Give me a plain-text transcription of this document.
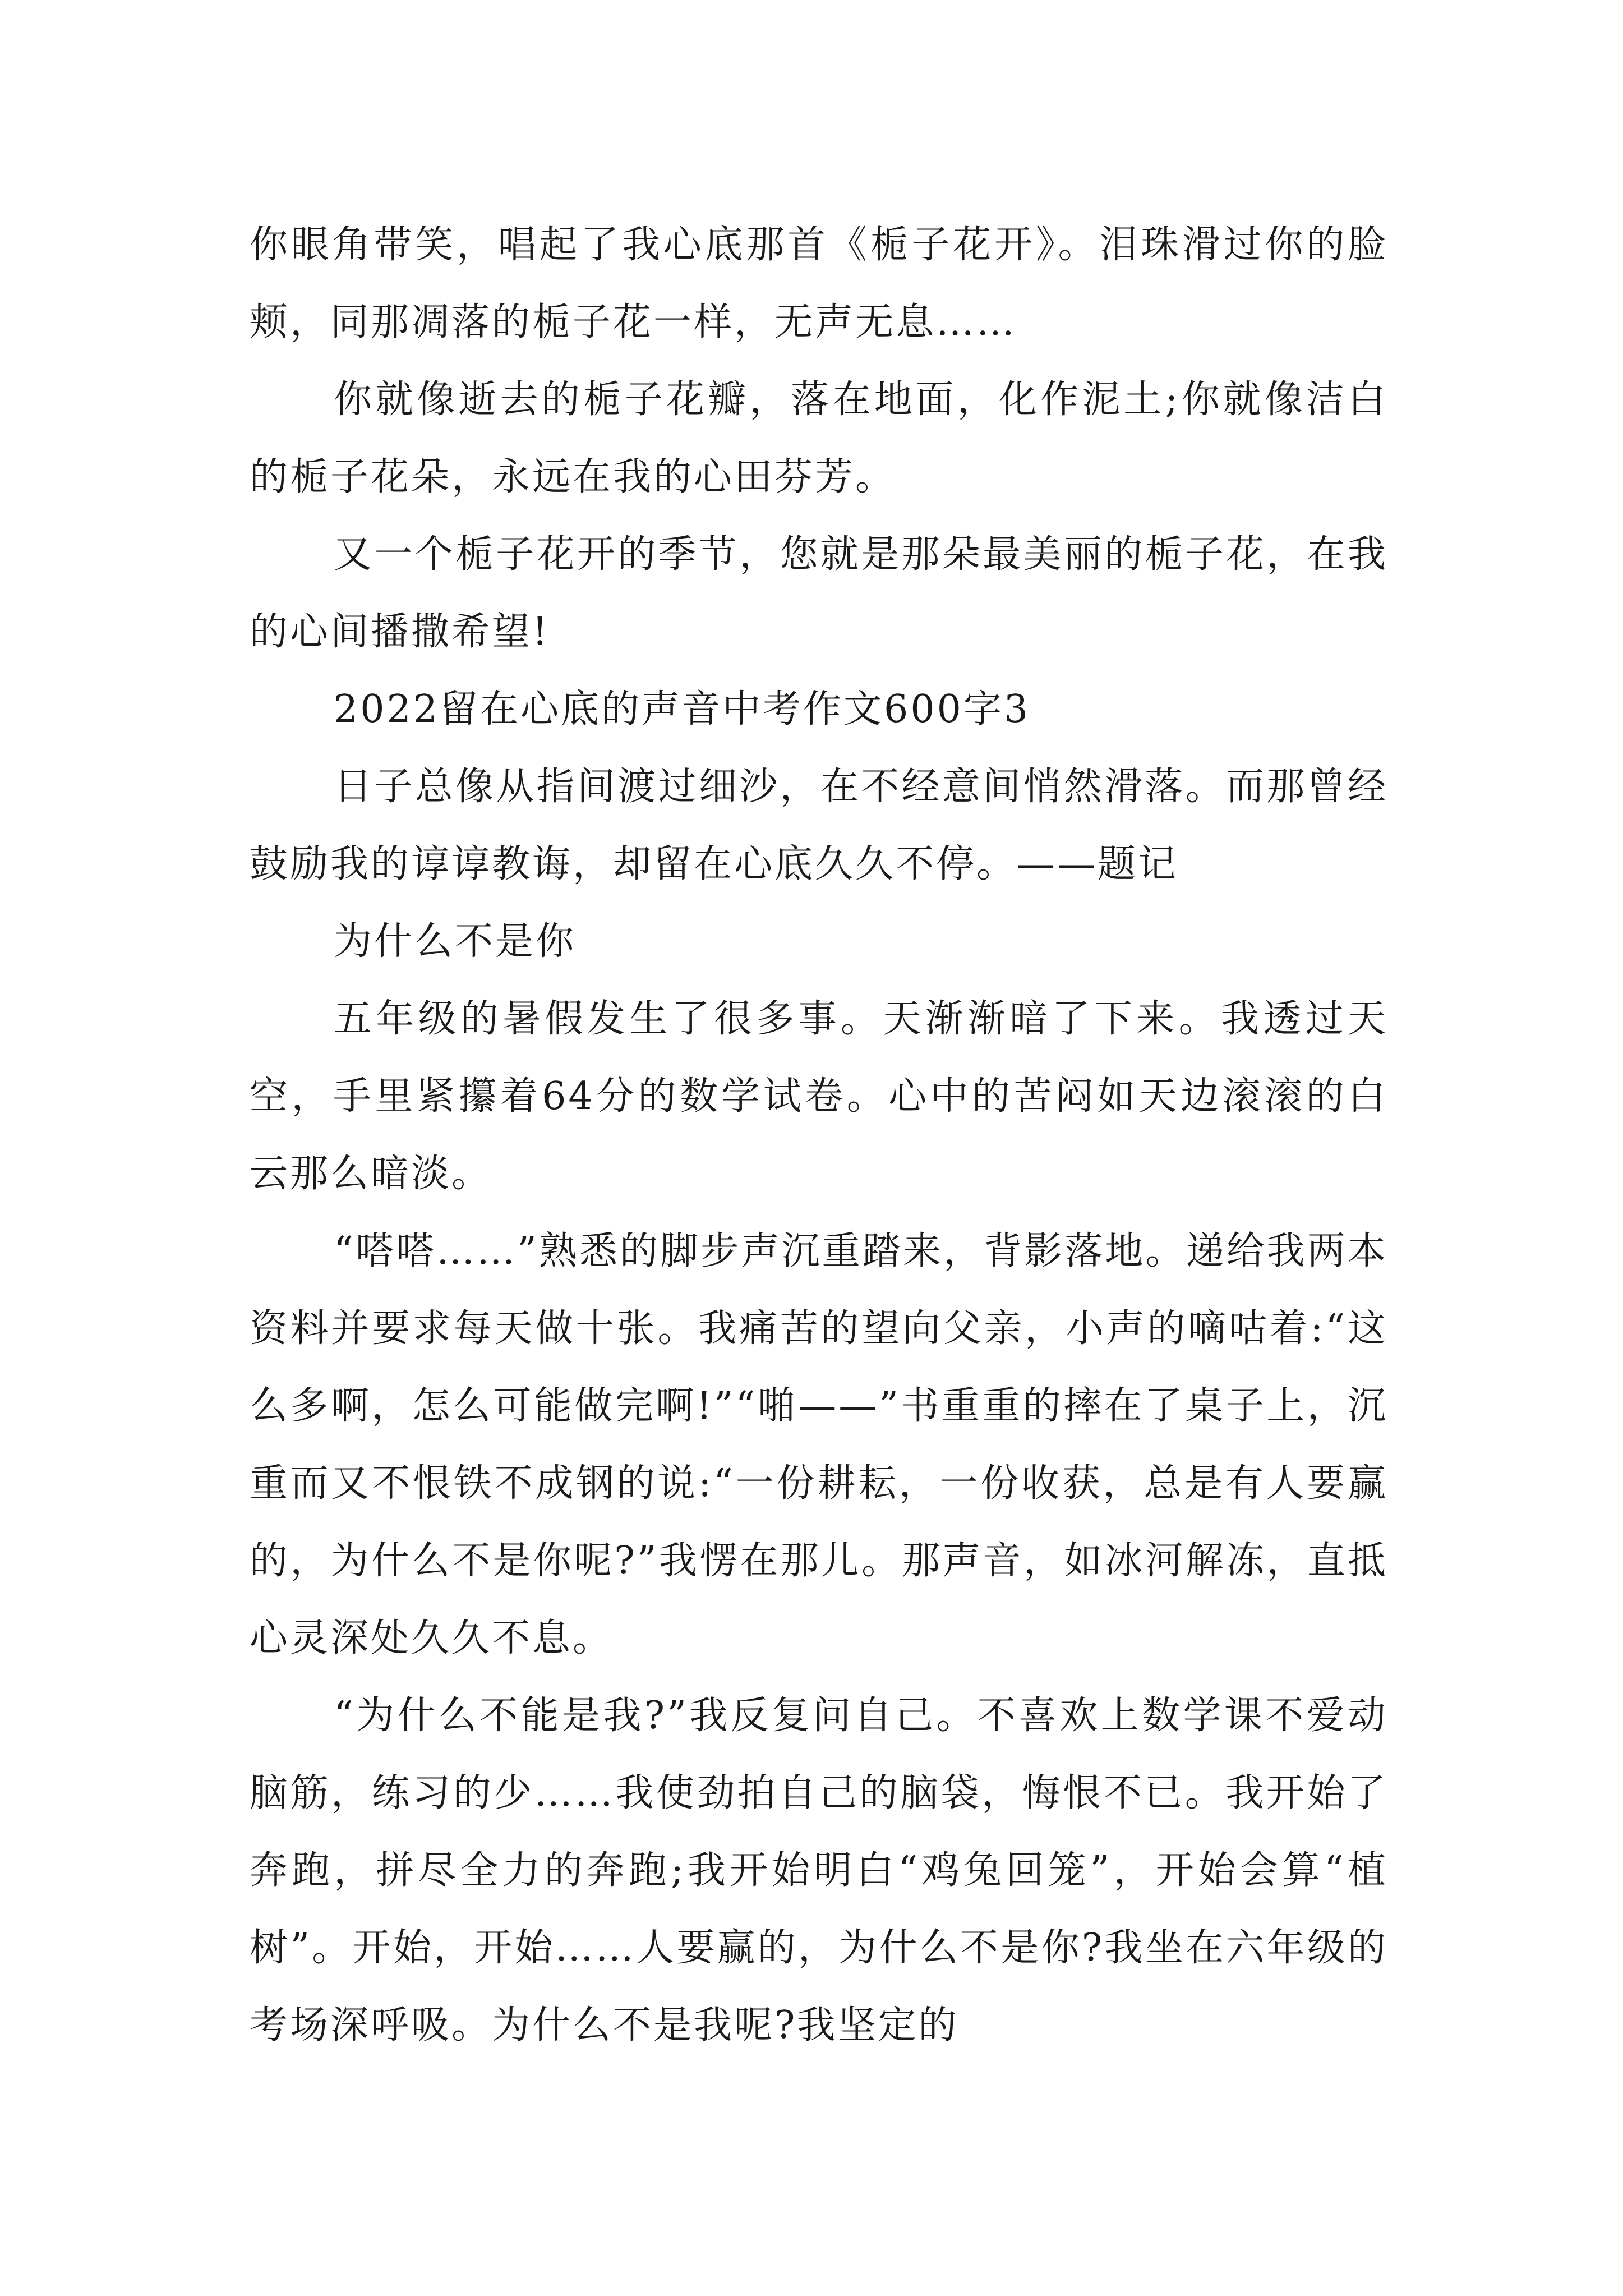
你眼角带笑，唱起了我心底那首《栀子花开》。泪珠滑过你的脸颊，同那凋落的栀子花一样，无声无息……

你就像逝去的栀子花瓣，落在地面，化作泥土;你就像洁白的栀子花朵，永远在我的心田芬芳。

又一个栀子花开的季节，您就是那朵最美丽的栀子花，在我的心间播撒希望!

2022留在心底的声音中考作文600字3

日子总像从指间渡过细沙，在不经意间悄然滑落。而那曾经鼓励我的谆谆教诲，却留在心底久久不停。——题记

为什么不是你

五年级的暑假发生了很多事。天渐渐暗了下来。我透过天空，手里紧攥着64分的数学试卷。心中的苦闷如天边滚滚的白云那么暗淡。

“嗒嗒……”熟悉的脚步声沉重踏来，背影落地。递给我两本资料并要求每天做十张。我痛苦的望向父亲，小声的嘀咕着:“这么多啊，怎么可能做完啊!”“啪——”书重重的摔在了桌子上，沉重而又不恨铁不成钢的说:“一份耕耘，一份收获，总是有人要赢的，为什么不是你呢?”我愣在那儿。那声音，如冰河解冻，直抵心灵深处久久不息。

“为什么不能是我?”我反复问自己。不喜欢上数学课不爱动脑筋，练习的少……我使劲拍自己的脑袋，悔恨不已。我开始了奔跑，拼尽全力的奔跑;我开始明白“鸡兔回笼”，开始会算“植树”。开始，开始……人要赢的，为什么不是你?我坐在六年级的考场深呼吸。为什么不是我呢?我坚定的
